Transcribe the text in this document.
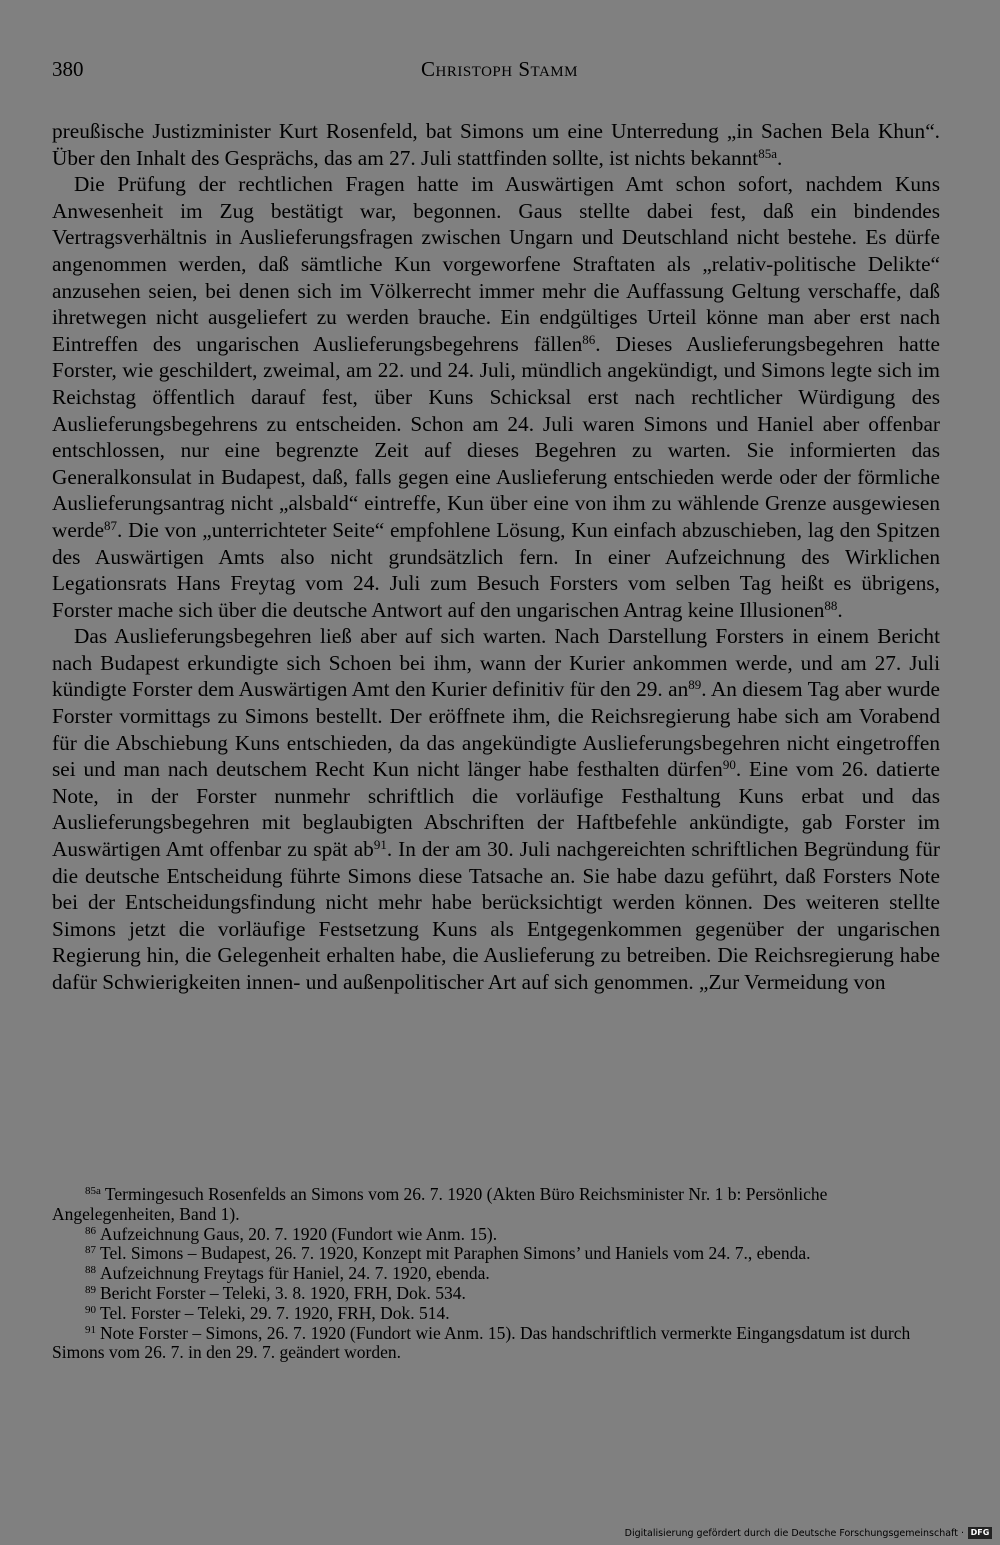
380	Christoph Stamm

preußische Justizminister Kurt Rosenfeld, bat Simons um eine Unterredung „in Sachen Bela Khun“. Über den Inhalt des Gesprächs, das am 27. Juli stattfinden sollte, ist nichts bekannt$^{85a}$.

Die Prüfung der rechtlichen Fragen hatte im Auswärtigen Amt schon sofort, nachdem Kuns Anwesenheit im Zug bestätigt war, begonnen. Gaus stellte dabei fest, daß ein bindendes Vertragsverhältnis in Auslieferungsfragen zwischen Ungarn und Deutschland nicht bestehe. Es dürfe angenommen werden, daß sämtliche Kun vorgeworfene Straftaten als „relativ-politische Delikte“ anzusehen seien, bei denen sich im Völkerrecht immer mehr die Auffassung Geltung verschaffe, daß ihretwegen nicht ausgeliefert zu werden brauche. Ein endgültiges Urteil könne man aber erst nach Eintreffen des ungarischen Auslieferungsbegehrens fällen$^{86}$. Dieses Auslieferungsbegehren hatte Forster, wie geschildert, zweimal, am 22. und 24. Juli, mündlich angekündigt, und Simons legte sich im Reichstag öffentlich darauf fest, über Kuns Schicksal erst nach rechtlicher Würdigung des Auslieferungsbegehrens zu entscheiden. Schon am 24. Juli waren Simons und Haniel aber offenbar entschlossen, nur eine begrenzte Zeit auf dieses Begehren zu warten. Sie informierten das Generalkonsulat in Budapest, daß, falls gegen eine Auslieferung entschieden werde oder der förmliche Auslieferungsantrag nicht „alsbald“ eintreffe, Kun über eine von ihm zu wählende Grenze ausgewiesen werde$^{87}$. Die von „unterrichteter Seite“ empfohlene Lösung, Kun einfach abzuschieben, lag den Spitzen des Auswärtigen Amts also nicht grundsätzlich fern. In einer Aufzeichnung des Wirklichen Legationsrats Hans Freytag vom 24. Juli zum Besuch Forsters vom selben Tag heißt es übrigens, Forster mache sich über die deutsche Antwort auf den ungarischen Antrag keine Illusionen$^{88}$.

Das Auslieferungsbegehren ließ aber auf sich warten. Nach Darstellung Forsters in einem Bericht nach Budapest erkundigte sich Schoen bei ihm, wann der Kurier ankommen werde, und am 27. Juli kündigte Forster dem Auswärtigen Amt den Kurier definitiv für den 29. $an^{89}$. An diesem Tag aber wurde Forster vormittags zu Simons bestellt. Der eröffnete ihm, die Reichsregierung habe sich am Vorabend für die Abschiebung Kuns entschieden, da das angekündigte Auslieferungsbegehren nicht eingetroffen sei und man nach deutschem Recht Kun nicht länger habe festhalten dürfen$^{90}$. Eine vom 26. datierte Note, in der Forster nunmehr schriftlich die vorläufige Festhaltung Kuns erbat und das Auslieferungsbegehren mit beglaubigten Abschriften der Haftbefehle ankündigte, gab Forster im Auswärtigen Amt offenbar zu spät $ab^{91}$. In der am 30. Juli nachgereichten schriftlichen Begründung für die deutsche Entscheidung führte Simons diese Tatsache an. Sie habe dazu geführt, daß Forsters Note bei der Entscheidungsfindung nicht mehr habe berücksichtigt werden können. Des weiteren stellte Simons jetzt die vorläufige Festsetzung Kuns als Entgegenkommen gegenüber der ungarischen Regierung hin, die Gelegenheit erhalten habe, die Auslieferung zu betreiben. Die Reichsregierung habe dafür Schwierigkeiten innen- und außenpolitischer Art auf sich genommen. „Zur Vermeidung von

$^{85a}$ Termingesuch Rosenfelds an Simons vom 26. 7. 1920 (Akten Büro Reichsminister Nr. 1 b: Persönliche Angelegenheiten, Band 1).

$^{86}$ Aufzeichnung Gaus, 20. 7. 1920 (Fundort wie Anm. 15).

$^{87}$ Tel. Simons – Budapest, 26. 7. 1920, Konzept mit Paraphen Simons’ und Haniels vom 24. 7., ebenda.

$^{88}$ Aufzeichnung Freytags für Haniel, 24. 7. 1920, ebenda.

$^{89}$ Bericht Forster – Teleki, 3. 8. 1920, FRH, Dok. 534.

$^{90}$ Tel. Forster – Teleki, 29. 7. 1920, FRH, Dok. 514.

$^{91}$ Note Forster – Simons, 26. 7. 1920 (Fundort wie Anm. 15). Das handschriftlich vermerkte Eingangsdatum ist durch Simons vom 26. 7. in den 29. 7. geändert worden.

Digitalisierung gefördert durch die Deutsche Forschungsgemeinschaft · DFG
